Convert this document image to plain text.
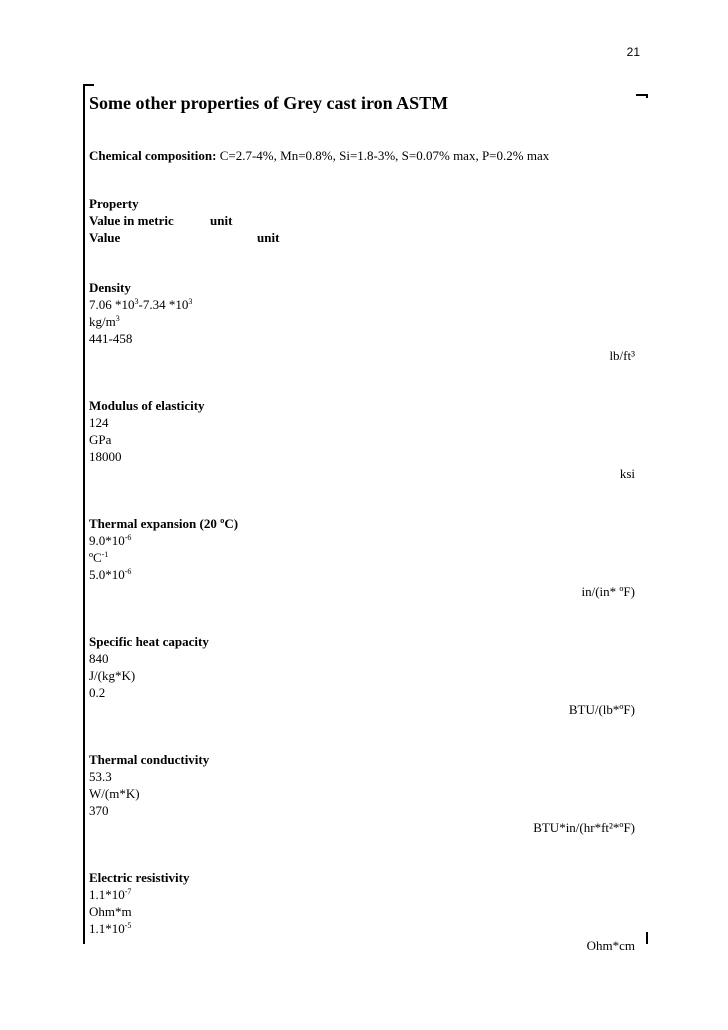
21
Some other properties of Grey cast iron ASTM
Chemical composition: C=2.7-4%, Mn=0.8%, Si=1.8-3%, S=0.07% max, P=0.2% max
Property
Value in metric	unit
Value	unit
Density
7.06 $*10^3-7.34$ $*10^3$
$kg/m^3$
441-458
lb/ft³
Modulus of elasticity
124
GPa
18000
ksi
Thermal expansion (20 ºC)
$9.0*10^{-6}$
ºC$^{-1}$
$5.0*10^{-6}$
in/(in* ºF)
Specific heat capacity
840
J/(kg*K)
0.2
BTU/(lb*ºF)
Thermal conductivity
53.3
W/(m*K)
370
BTU*in/(hr*ft²*ºF)
Electric resistivity
$1.1*10^{-7}$
Ohm*m
$1.1*10^{-5}$
Ohm*cm
